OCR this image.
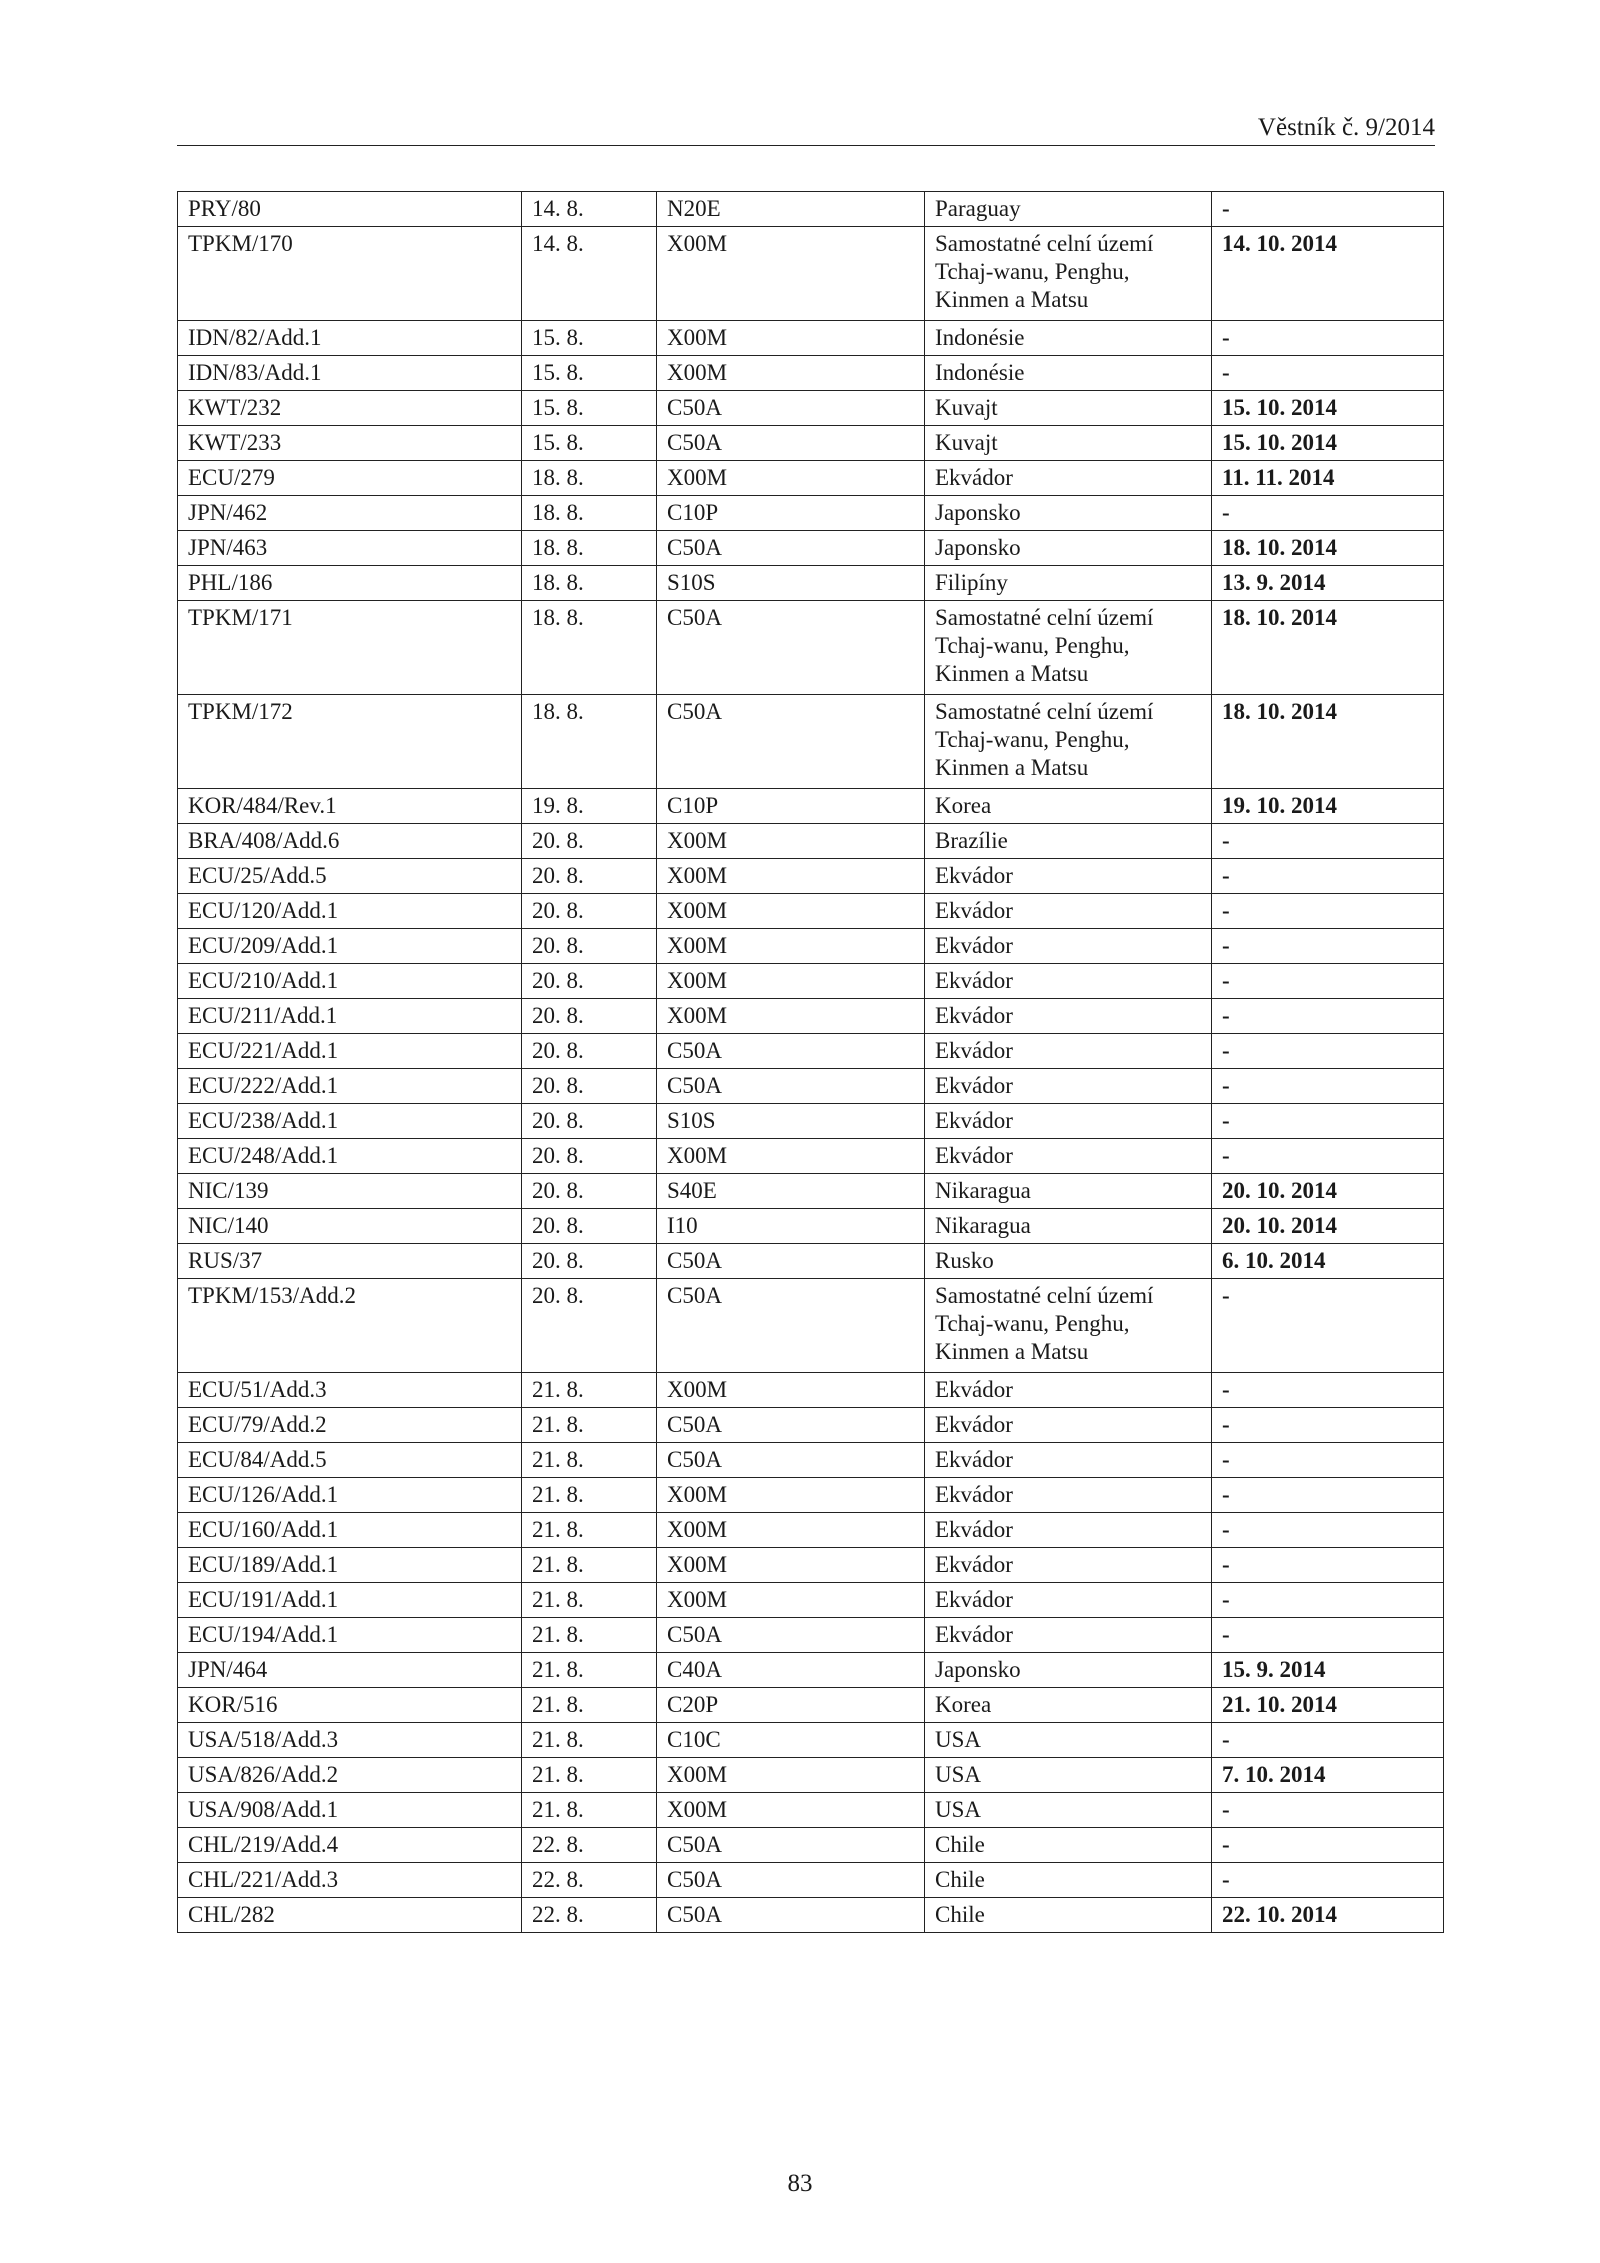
Věstník č. 9/2014
PRY/80	14. 8.	N20E	Paraguay	-
TPKM/170	14. 8.	X00M	Samostatné celní území
Tchaj-wanu, Penghu,
Kinmen a Matsu	14. 10. 2014
IDN/82/Add.1	15. 8.	X00M	Indonésie	-
IDN/83/Add.1	15. 8.	X00M	Indonésie	-
KWT/232	15. 8.	C50A	Kuvajt	15. 10. 2014
KWT/233	15. 8.	C50A	Kuvajt	15. 10. 2014
ECU/279	18. 8.	X00M	Ekvádor	11. 11. 2014
JPN/462	18. 8.	C10P	Japonsko	-
JPN/463	18. 8.	C50A	Japonsko	18. 10. 2014
PHL/186	18. 8.	S10S	Filipíny	13. 9. 2014
TPKM/171	18. 8.	C50A	Samostatné celní území
Tchaj-wanu, Penghu,
Kinmen a Matsu	18. 10. 2014
TPKM/172	18. 8.	C50A	Samostatné celní území
Tchaj-wanu, Penghu,
Kinmen a Matsu	18. 10. 2014
KOR/484/Rev.1	19. 8.	C10P	Korea	19. 10. 2014
BRA/408/Add.6	20. 8.	X00M	Brazílie	-
ECU/25/Add.5	20. 8.	X00M	Ekvádor	-
ECU/120/Add.1	20. 8.	X00M	Ekvádor	-
ECU/209/Add.1	20. 8.	X00M	Ekvádor	-
ECU/210/Add.1	20. 8.	X00M	Ekvádor	-
ECU/211/Add.1	20. 8.	X00M	Ekvádor	-
ECU/221/Add.1	20. 8.	C50A	Ekvádor	-
ECU/222/Add.1	20. 8.	C50A	Ekvádor	-
ECU/238/Add.1	20. 8.	S10S	Ekvádor	-
ECU/248/Add.1	20. 8.	X00M	Ekvádor	-
NIC/139	20. 8.	S40E	Nikaragua	20. 10. 2014
NIC/140	20. 8.	I10	Nikaragua	20. 10. 2014
RUS/37	20. 8.	C50A	Rusko	6. 10. 2014
TPKM/153/Add.2	20. 8.	C50A	Samostatné celní území
Tchaj-wanu, Penghu,
Kinmen a Matsu	-
ECU/51/Add.3	21. 8.	X00M	Ekvádor	-
ECU/79/Add.2	21. 8.	C50A	Ekvádor	-
ECU/84/Add.5	21. 8.	C50A	Ekvádor	-
ECU/126/Add.1	21. 8.	X00M	Ekvádor	-
ECU/160/Add.1	21. 8.	X00M	Ekvádor	-
ECU/189/Add.1	21. 8.	X00M	Ekvádor	-
ECU/191/Add.1	21. 8.	X00M	Ekvádor	-
ECU/194/Add.1	21. 8.	C50A	Ekvádor	-
JPN/464	21. 8.	C40A	Japonsko	15. 9. 2014
KOR/516	21. 8.	C20P	Korea	21. 10. 2014
USA/518/Add.3	21. 8.	C10C	USA	-
USA/826/Add.2	21. 8.	X00M	USA	7. 10. 2014
USA/908/Add.1	21. 8.	X00M	USA	-
CHL/219/Add.4	22. 8.	C50A	Chile	-
CHL/221/Add.3	22. 8.	C50A	Chile	-
CHL/282	22. 8.	C50A	Chile	22. 10. 2014
83
